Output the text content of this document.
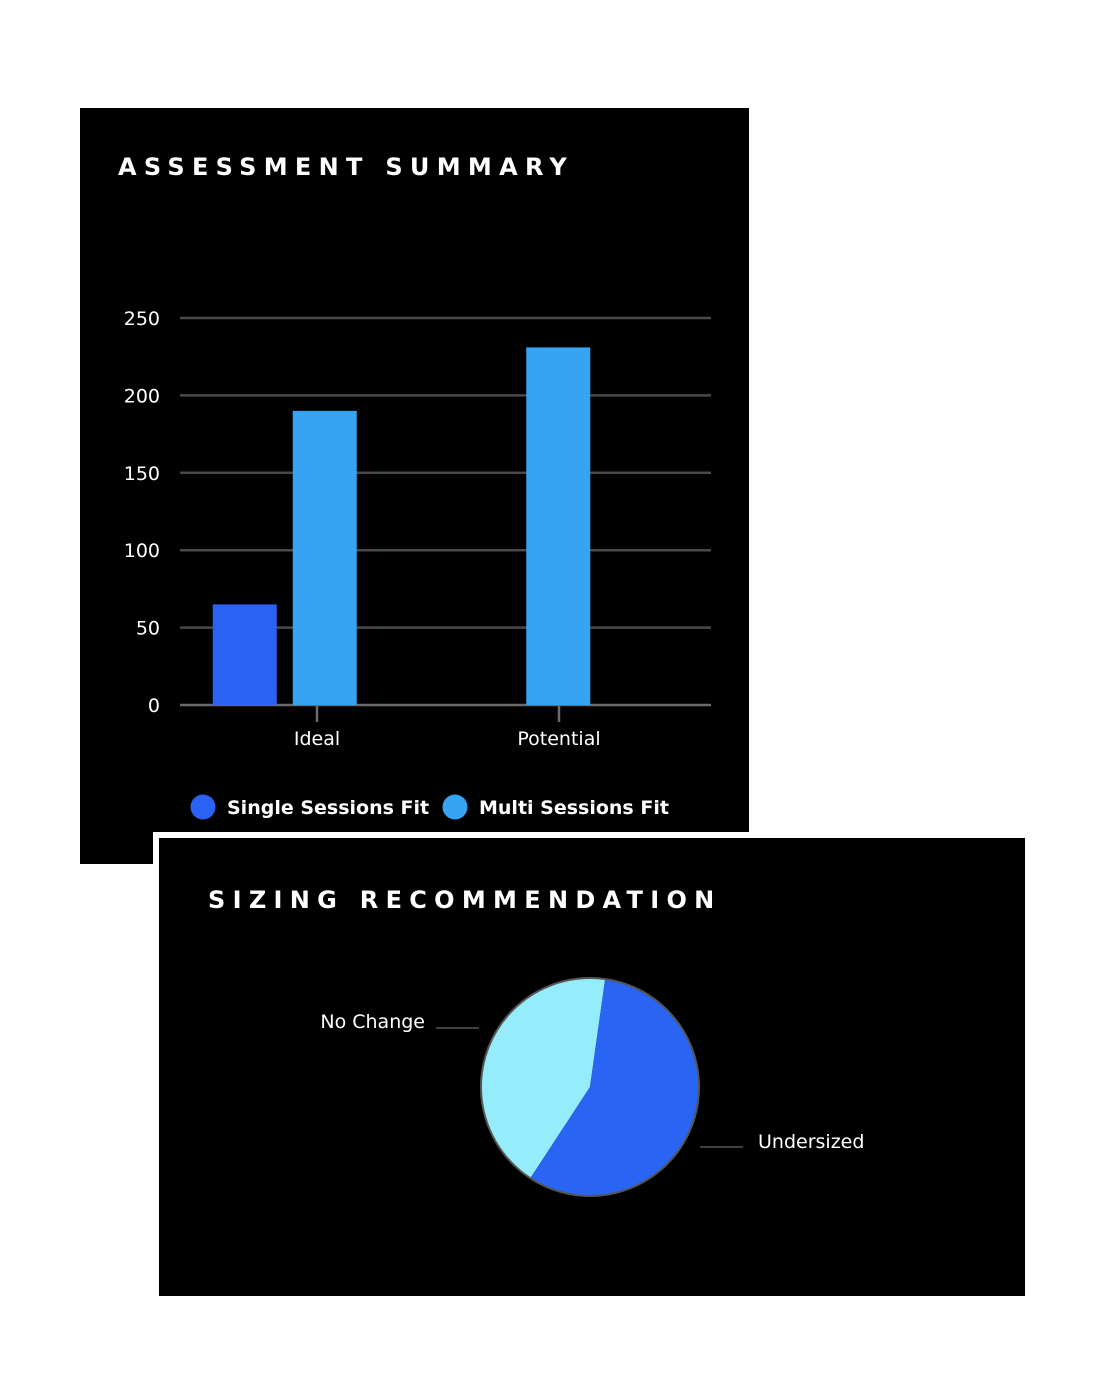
ASSESSMENT SUMMARY
0
50
100
150
200
250
Ideal	Potential
Single Sessions Fit	Multi Sessions Fit
SIZING RECOMMENDATION
No Change
Undersized
